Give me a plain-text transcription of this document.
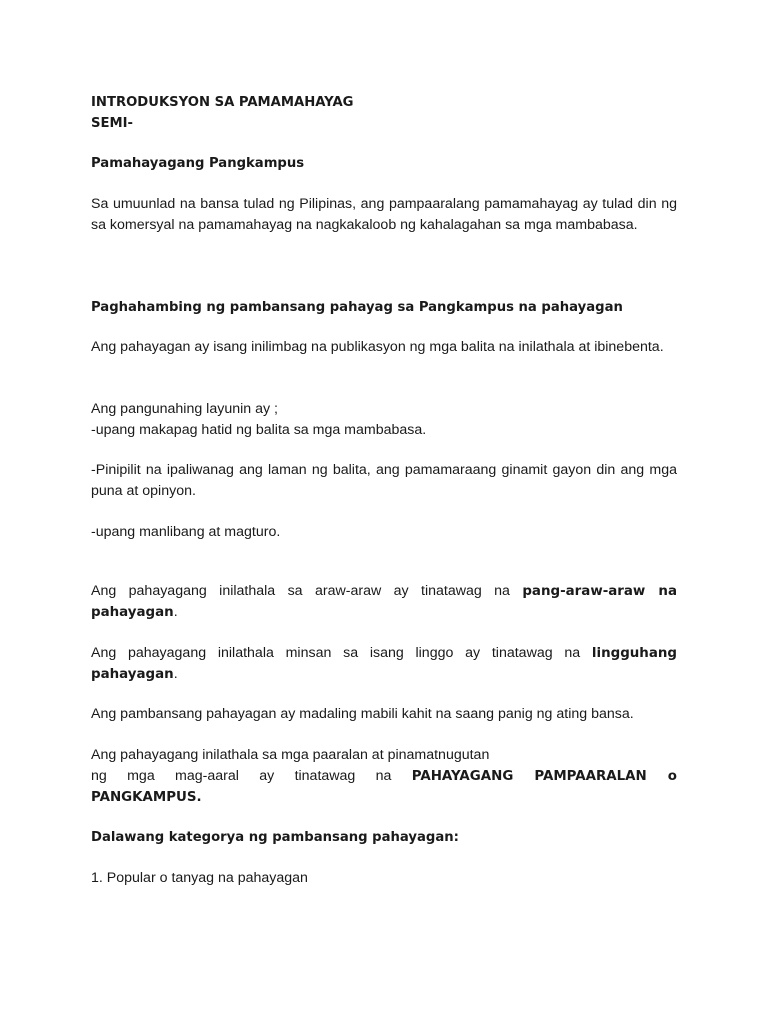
INTRODUKSYON SA PAMAMAHAYAG
SEMI-
Pamahayagang Pangkampus

Sa umuunlad na bansa tulad ng Pilipinas, ang pampaaralang pamamahayag ay tulad din ng sa komersyal na pamamahayag na nagkakaloob ng kahalagahan sa mga mambabasa.

Paghahambing ng pambansang pahayag sa Pangkampus na pahayagan

Ang pahayagan ay isang inilimbag na publikasyon ng mga balita na inilathala at ibinebenta.

Ang pangunahing layunin ay ;
-upang makapag hatid ng balita sa mga mambabasa.

-Pinipilit na ipaliwanag ang laman ng balita, ang pamamaraang ginamit gayon din ang mga puna at opinyon.

-upang manlibang at magturo.

Ang pahayagang inilathala sa araw-araw ay tinatawag na pang-araw-araw na pahayagan.

Ang pahayagang inilathala minsan sa isang linggo ay tinatawag na lingguhang pahayagan.

Ang pambansang pahayagan ay madaling mabili kahit na saang panig ng ating bansa.

Ang pahayagang inilathala sa mga paaralan at pinamatnugutan
ng mga mag-aaral ay tinatawag na PAHAYAGANG PAMPAARALAN o
PANGKAMPUS.
Dalawang kategorya ng pambansang pahayagan:

1. Popular o tanyag na pahayagan
